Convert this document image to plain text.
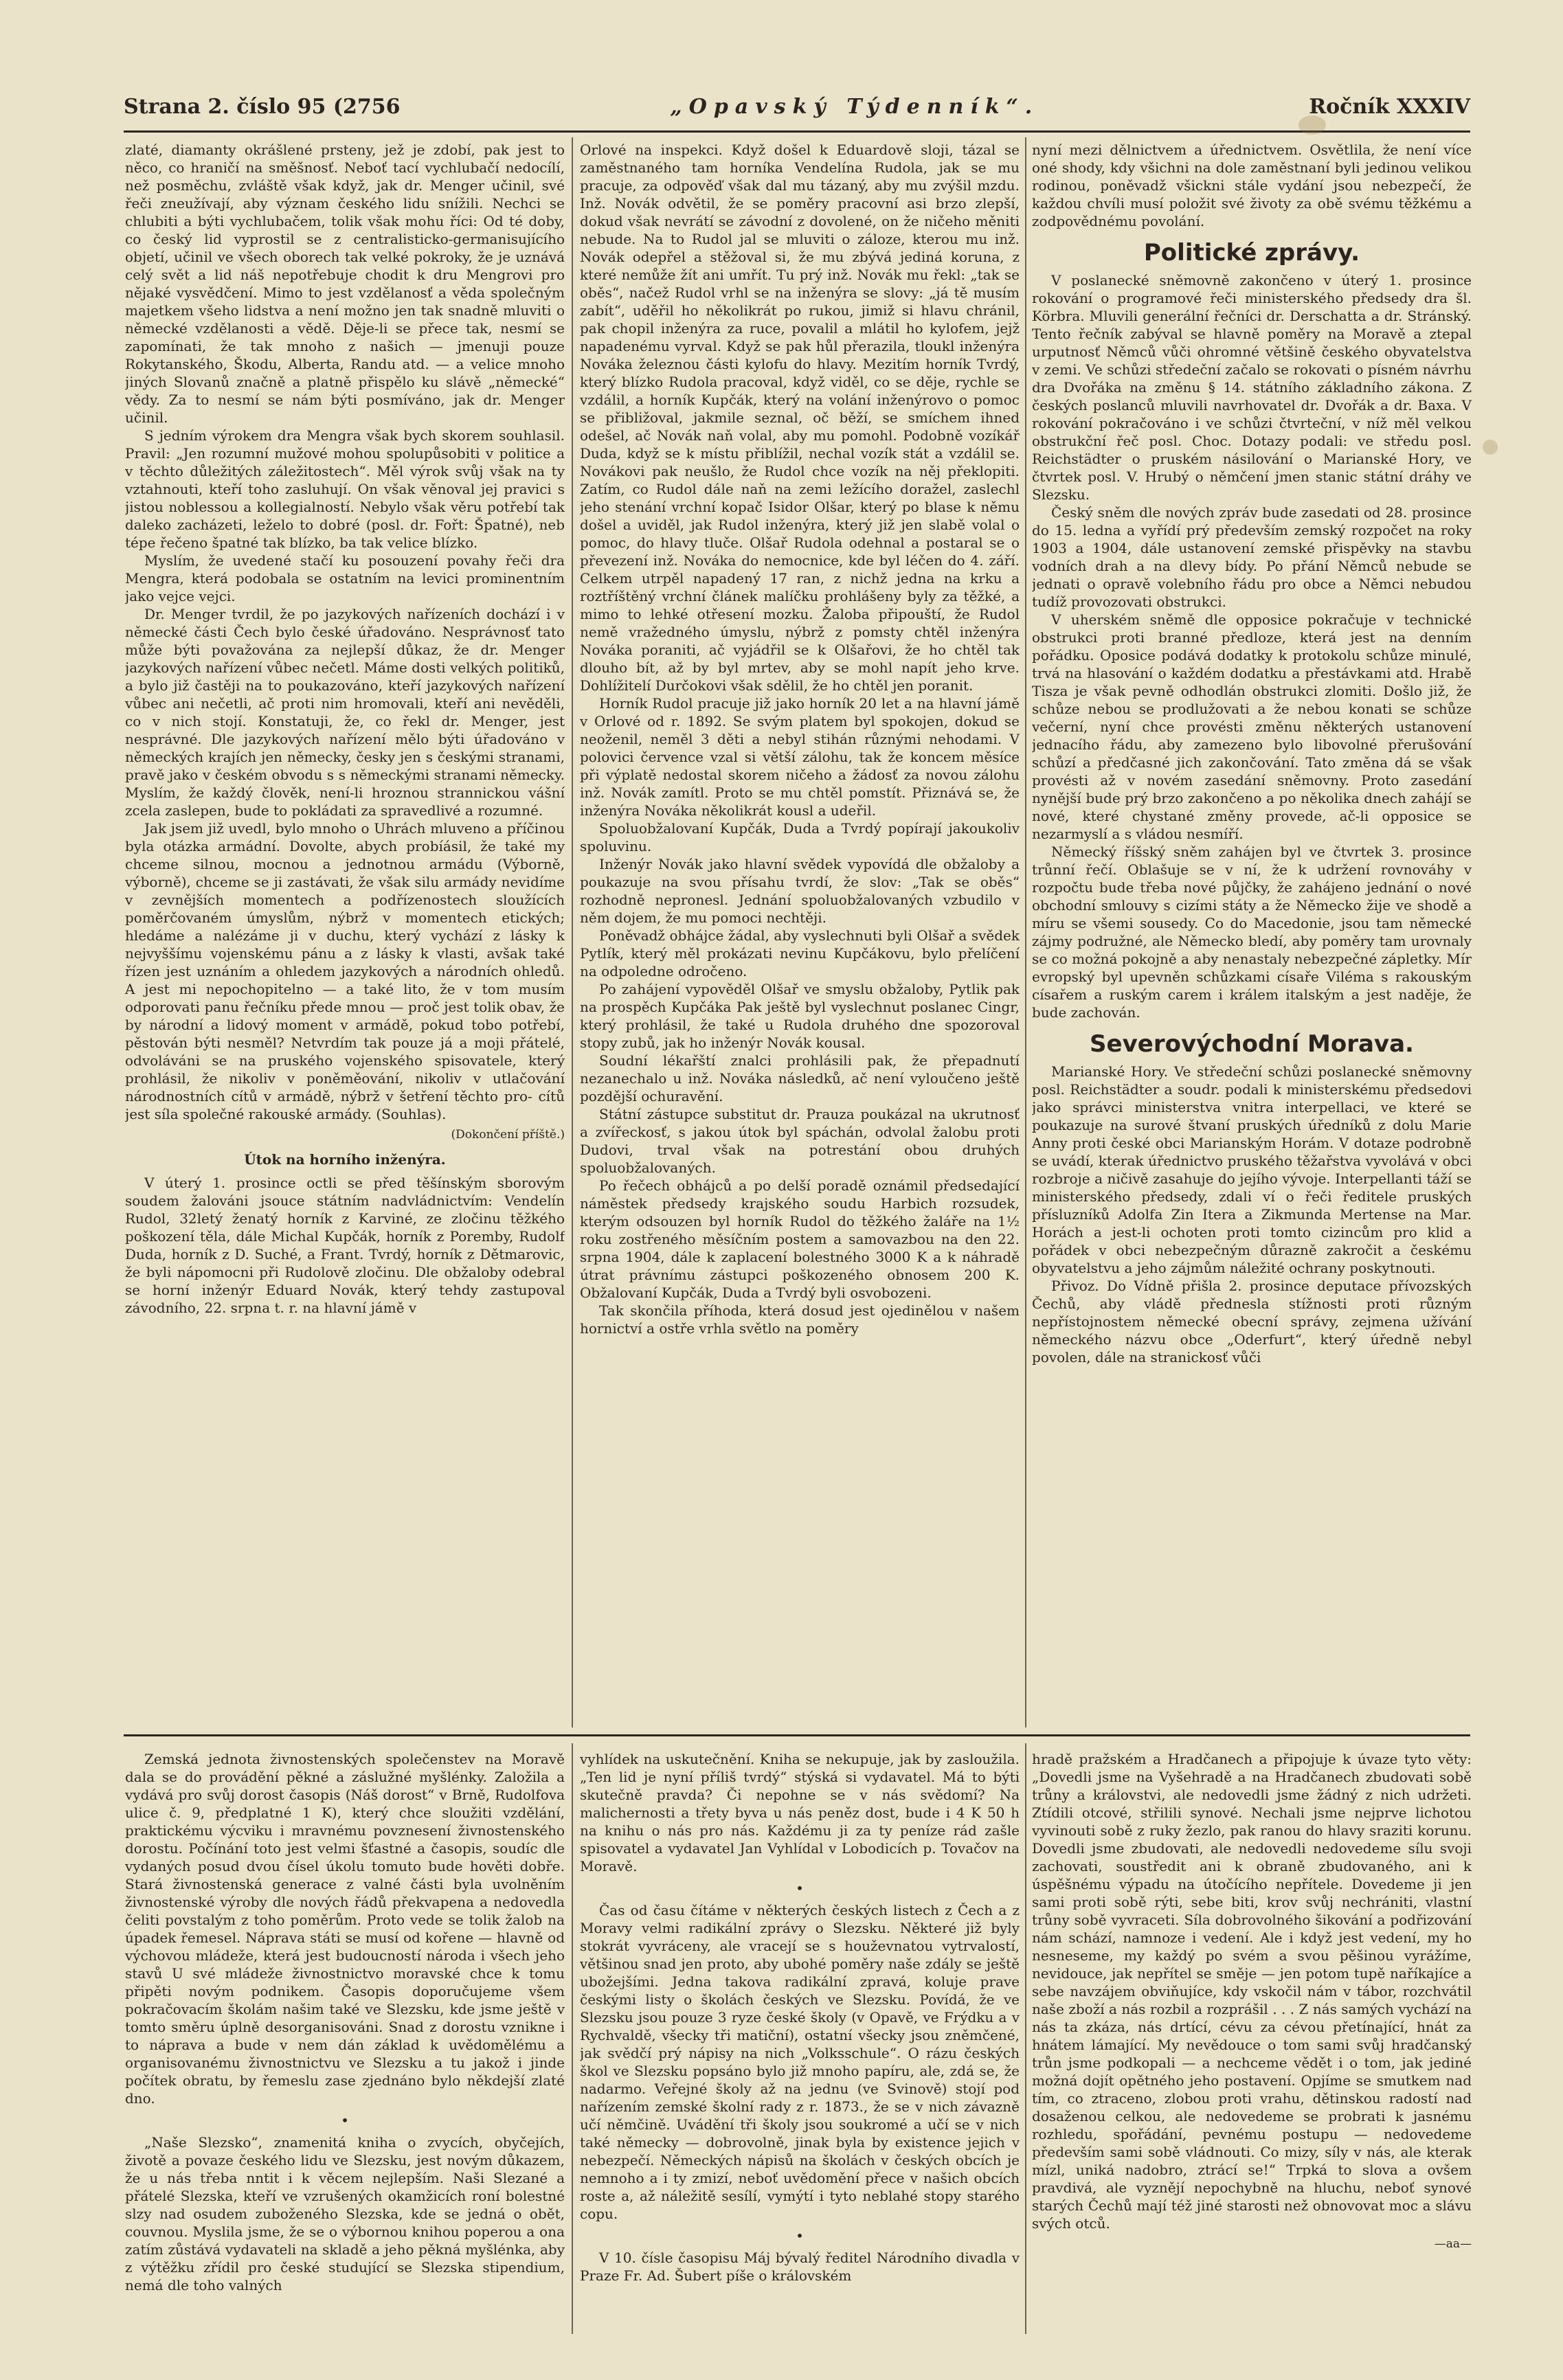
Strana 2. číslo 95 (2756	„Opavský Týdenník“.	Ročník XXXIV

zlaté, diamanty okrášlené prsteny, jež je zdobí, pak jest to něco, co hraničí na směšnosť. Neboť tací vychlubačí nedocílí, než posměchu, zvláště však když, jak dr. Menger učinil, své řeči zneužívají, aby význam českého lidu snížili. Nechci se chlubiti a býti vychlubačem, tolik však mohu říci: Od té doby, co český lid vyprostil se z centralisticko-germanisujícího objetí, učinil ve všech oborech tak velké pokroky, že je uznává celý svět a lid náš nepotřebuje chodit k dru Mengrovi pro nějaké vysvědčení. Mimo to jest vzdělanosť a věda společným majetkem všeho lidstva a není možno jen tak snadně mluviti o německé vzdělanosti a vědě. Děje-li se přece tak, nesmí se zapomínati, že tak mnoho z našich — jmenuji pouze Rokytanského, Škodu, Alberta, Randu atd. — a velice mnoho jiných Slovanů značně a platně přispělo ku slávě „německé“ vědy. Za to nesmí se nám býti posmíváno, jak dr. Menger učinil.

S jedním výrokem dra Mengra však bych skorem souhlasil. Pravil: „Jen rozumní mužové mohou spolupůsobiti v politice a v těchto důležitých záležitostech“. Měl výrok svůj však na ty vztahnouti, kteří toho zasluhují. On však věnoval jej pravici s jistou noblessou a kollegialností. Nebylo však věru potřebí tak daleko zacházeti, leželo to dobré (posl. dr. Fořt: Špatné), neb tépe řečeno špatné tak blízko, ba tak velice blízko.

Myslím, že uvedené stačí ku posouzení povahy řeči dra Mengra, která podobala se ostatním na levici prominentním jako vejce vejci.

Dr. Menger tvrdil, že po jazykových nařízeních dochází i v německé části Čech bylo české úřadováno. Nesprávnosť tato může býti považována za nejlepší důkaz, že dr. Menger jazykových nařízení vůbec nečetl. Máme dosti velkých politiků, a bylo již častěji na to poukazováno, kteří jazykových nařízení vůbec ani nečetli, ač proti nim hromovali, kteří ani nevěděli, co v nich stojí. Konstatuji, že, co řekl dr. Menger, jest nesprávné. Dle jazykových nařízení mělo býti úřadováno v německých krajích jen německy, česky jen s českými stranami, pravě jako v českém obvodu s s německými stranami německy. Myslím, že každý člověk, není-li hroznou strannickou vášní zcela zaslepen, bude to pokládati za spravedlivé a rozumné.

Jak jsem již uvedl, bylo mnoho o Uhrách mluveno a příčinou byla otázka armádní. Dovolte, abych probíásil, že také my chceme silnou, mocnou a jednotnou armádu (Výborně, výborně), chceme se ji zastávati, že však silu armády nevidíme v zevnějších momentech a podřízenostech sloužících poměrčovaném úmyslům, nýbrž v momentech etických; hledáme a nalézáme ji v duchu, který vychází z lásky k nejvyššímu vojenskému pánu a z lásky k vlasti, avšak také řízen jest uznáním a ohledem jazykových a národních ohledů. A jest mi nepochopitelno — a také lito, že v tom musím odporovati panu řečníku přede mnou — proč jest tolik obav, že by národní a lidový moment v armádě, pokud tobo potřebí, pěstován býti nesměl? Netvrdím tak pouze já a moji přátelé, odvoláváni se na pruského vojenského spisovatele, který prohlásil, že nikoliv v poněměování, nikoliv v utlačování národnostních cítů v armádě, nýbrž v šetření těchto pro- cítů jest síla společné rakouské armády. (Souhlas).

(Dokončení příště.)
Útok na horního inženýra.

V úterý 1. prosince octli se před těšínským sborovým soudem žalováni jsouce státním nadvládnictvím: Vendelín Rudol, 32letý ženatý horník z Karviné, ze zločinu těžkého poškození těla, dále Michal Kupčák, horník z Poremby, Rudolf Duda, horník z D. Suché, a Frant. Tvrdý, horník z Dětmarovic, že byli nápomocni při Rudolově zločinu. Dle obžaloby odebral se horní inženýr Eduard Novák, který tehdy zastupoval závodního, 22. srpna t. r. na hlavní jámě v

Orlové na inspekci. Když došel k Eduardově sloji, tázal se zaměstnaného tam horníka Vendelína Rudola, jak se mu pracuje, za odpověď však dal mu tázaný, aby mu zvýšil mzdu. Inž. Novák odvětil, že se poměry pracovní asi brzo zlepší, dokud však nevrátí se závodní z dovolené, on že ničeho měniti nebude. Na to Rudol jal se mluviti o záloze, kterou mu inž. Novák odepřel a stěžoval si, že mu zbývá jediná koruna, z které nemůže žít ani umřít. Tu prý inž. Novák mu řekl: „tak se oběs“, načež Rudol vrhl se na inženýra se slovy: „já tě musím zabít“, uděřil ho několikrát po rukou, jimiž si hlavu chránil, pak chopil inženýra za ruce, povalil a mlátil ho kylofem, jejž napadenému vyrval. Když se pak hůl přerazila, tloukl inženýra Nováka železnou části kylofu do hlavy. Mezitím horník Tvrdý, který blízko Rudola pracoval, když viděl, co se děje, rychle se vzdálil, a horník Kupčák, který na volání inženýrovo o pomoc se přibližoval, jakmile seznal, oč běží, se smíchem ihned odešel, ač Novák naň volal, aby mu pomohl. Podobně vozíkář Duda, když se k místu přiblížil, nechal vozík stát a vzdálil se. Novákovi pak neušlo, že Rudol chce vozík na něj překlopiti. Zatím, co Rudol dále naň na zemi ležícího doražel, zaslechl jeho stenání vrchní kopač Isidor Olšar, který po blase k němu došel a uviděl, jak Rudol inženýra, který již jen slabě volal o pomoc, do hlavy tluče. Olšař Rudola odehnal a postaral se o převezení inž. Nováka do nemocnice, kde byl léčen do 4. září. Celkem utrpěl napadený 17 ran, z nichž jedna na krku a roztříštěný vrchní článek malíčku prohlášeny byly za těžké, a mimo to lehké otřesení mozku. Žaloba připouští, že Rudol nemě vražedného úmyslu, nýbrž z pomsty chtěl inženýra Nováka poraniti, ač vyjádřil se k Olšařovi, že ho chtěl tak dlouho bít, až by byl mrtev, aby se mohl napít jeho krve. Dohlížitelí Durčokovi však sdělil, že ho chtěl jen poranit.

Horník Rudol pracuje již jako horník 20 let a na hlavní jámě v Orlové od r. 1892. Se svým platem byl spokojen, dokud se neoženil, neměl 3 děti a nebyl stihán různými nehodami. V polovici července vzal si větší zálohu, tak že koncem měsíce při výplatě nedostal skorem ničeho a žádosť za novou zálohu inž. Novák zamítl. Proto se mu chtěl pomstít. Přiznává se, že inženýra Nováka několikrát kousl a udeřil.

Spoluobžalovaní Kupčák, Duda a Tvrdý popírají jakoukoliv spoluvinu.

Inženýr Novák jako hlavní svědek vypovídá dle obžaloby a poukazuje na svou přísahu tvrdí, že slov: „Tak se oběs“ rozhodně nepronesl. Jednání spoluobžalovaných vzbudilo v něm dojem, že mu pomoci nechtěji.

Poněvadž obhájce žádal, aby vyslechnuti byli Olšař a svědek Pytlík, který měl prokázati nevinu Kupčákovu, bylo přelíčení na odpoledne odročeno.

Po zahájení vypověděl Olšař ve smyslu obžaloby, Pytlik pak na prospěch Kupčáka Pak ještě byl vyslechnut poslanec Cingr, který prohlásil, že také u Rudola druhého dne spozoroval stopy zubů, jak ho inženýr Novák kousal.

Soudní lékařští znalci prohlásili pak, že přepadnutí nezanechalo u inž. Nováka následků, ač není vyloučeno ještě pozdější ochuravění.

Státní zástupce substitut dr. Prauza poukázal na ukrutnosť a zvířeckosť, s jakou útok byl spáchán, odvolal žalobu proti Dudovi, trval však na potrestání obou druhých spoluobžalovaných.

Po řečech obhájců a po delší poradě oznámil předsedající náměstek předsedy krajského soudu Harbich rozsudek, kterým odsouzen byl horník Rudol do těžkého žaláře na 1½ roku zostřeného měsíčním postem a samovazbou na den 22. srpna 1904, dále k zaplacení bolestného 3000 K a k náhradě útrat právnímu zástupci poškozeného obnosem 200 K. Obžalovaní Kupčák, Duda a Tvrdý byli osvobozeni.

Tak skončila příhoda, která dosud jest ojedinělou v našem hornictví a ostře vrhla světlo na poměry

nyní mezi dělnictvem a úřednictvem. Osvětlila, že není více oné shody, kdy všichni na dole zaměstnaní byli jedinou velikou rodinou, poněvadž všickni stále vydání jsou nebezpečí, že každou chvíli musí položit své životy za obě svému těžkému a zodpovědnému povolání.

Politické zprávy.

V poslanecké sněmovně zakončeno v úterý 1. prosince rokování o programové řeči ministerského předsedy dra šl. Körbra. Mluvili generální řečníci dr. Derschatta a dr. Stránský. Tento řečník zabýval se hlavně poměry na Moravě a ztepal urputnosť Němců vůči ohromné většině českého obyvatelstva v zemi. Ve schůzi středeční začalo se rokovati o písném návrhu dra Dvořáka na změnu § 14. státního základního zákona. Z českých poslanců mluvili navrhovatel dr. Dvořák a dr. Baxa. V rokování pokračováno i ve schůzi čtvrteční, v níž měl velkou obstrukční řeč posl. Choc. Dotazy podali: ve středu posl. Reichstädter o pruském násilování o Marianské Hory, ve čtvrtek posl. V. Hrubý o němčení jmen stanic státní dráhy ve Slezsku.

Český sněm dle nových zpráv bude zasedati od 28. prosince do 15. ledna a vyřídí prý především zemský rozpočet na roky 1903 a 1904, dále ustanovení zemské přispěvky na stavbu vodních drah a na dlevy bídy. Po přání Němců nebude se jednati o opravě volebního řádu pro obce a Němci nebudou tudíž provozovati obstrukci.

V uherském sněmě dle opposice pokračuje v technické obstrukci proti branné předloze, která jest na denním pořádku. Oposice podává dodatky k protokolu schůze minulé, trvá na hlasování o každém dodatku a přestávkami atd. Hrabě Tisza je však pevně odhodlán obstrukci zlomiti. Došlo již, že schůze nebou se prodlužovati a že nebou konati se schůze večerní, nyní chce provésti změnu některých ustanovení jednacího řádu, aby zamezeno bylo libovolné přerušování schůzí a předčasné jich zakončování. Tato změna dá se však provésti až v novém zasedání sněmovny. Proto zasedání nynější bude prý brzo zakončeno a po několika dnech zahájí se nové, které chystané změny provede, ač-li opposice se nezarmyslí a s vládou nesmíří.

Německý říšský sněm zahájen byl ve čtvrtek 3. prosince trůnní řečí. Oblašuje se v ní, že k udržení rovnováhy v rozpočtu bude třeba nové půjčky, že zahájeno jednání o nové obchodní smlouvy s cizími státy a že Německo žije ve shodě a míru se všemi sousedy. Co do Macedonie, jsou tam německé zájmy podružné, ale Německo bledí, aby poměry tam urovnaly se co možná pokojně a aby nenastaly nebezpečné zápletky. Mír evropský byl upevněn schůzkami císaře Viléma s rakouským císařem a ruským carem i králem italským a jest naděje, že bude zachován.

Severovýchodní Morava.

Marianské Hory. Ve středeční schůzi poslanecké sněmovny posl. Reichstädter a soudr. podali k ministerskému předsedovi jako správci ministerstva vnitra interpellaci, ve které se poukazuje na surové štvaní pruských úředníků z dolu Marie Anny proti české obci Marianským Horám. V dotaze podrobně se uvádí, kterak úřednictvo pruského těžařstva vyvolává v obci rozbroje a ničivě zasahuje do jejího vývoje. Interpellanti táží se ministerského předsedy, zdali ví o řeči ředitele pruských přísluzníků Adolfa Zin Itera a Zikmunda Mertense na Mar. Horách a jest-li ochoten proti tomto cizincům pro klid a pořádek v obci nebezpečným důrazně zakročit a českému obyvatelstvu a jeho zájmům náležité ochrany poskytnouti.

Přivoz. Do Vídně přišla 2. prosince deputace přívozských Čechů, aby vládě přednesla stížnosti proti různým nepřístojnostem německé obecní správy, zejmena užívání německého názvu obce „Oderfurt“, který úředně nebyl povolen, dále na stranickosť vůči

Zemská jednota živnostenských společenstev na Moravě dala se do provádění pěkné a záslužné myšlénky. Založila a vydává pro svůj dorost časopis (Náš dorost“ v Brně, Rudolfova ulice č. 9, předplatné 1 K), který chce sloužiti vzdělání, praktickému výcviku i mravnému povznesení živnostenského dorostu. Počínání toto jest velmi šťastné a časopis, soudíc dle vydaných posud dvou čísel úkolu tomuto bude hověti dobře. Stará živnostenská generace z valné části byla uvolněním živnostenské výroby dle nových řádů překvapena a nedovedla čeliti povstalým z toho poměrům. Proto vede se tolik žalob na úpadek řemesel. Náprava státi se musí od kořene — hlavně od výchovou mládeže, která jest budoucností národa i všech jeho stavů U své mládeže živnostnictvo moravské chce k tomu připěti novým podnikem. Časopis doporučujeme všem pokračovacím školám našim také ve Slezsku, kde jsme ještě v tomto směru úplně desorganisováni. Snad z dorostu vznikne i to náprava a bude v nem dán základ k uvědomělému a organisovanému živnostnictvu ve Slezsku a tu jakož i jinde počítek obratu, by řemeslu zase zjednáno bylo někdejší zlaté dno.

•

„Naše Slezsko“, znamenitá kniha o zvycích, obyčejích, životě a povaze českého lidu ve Slezsku, jest novým důkazem, že u nás třeba nntit i k věcem nejlepším. Naši Slezané a přátelé Slezska, kteří ve vzrušených okamžicích roní bolestné slzy nad osudem zuboženého Slezska, kde se jedná o obět, couvnou. Myslila jsme, že se o výbornou knihou poperou a ona zatím zůstává vydavateli na skladě a jeho pěkná myšlénka, aby z výtěžku zřídil pro české studující se Slezska stipendium, nemá dle toho valných

vyhlídek na uskutečnění. Kniha se nekupuje, jak by zasloužila. „Ten lid je nyní příliš tvrdý“ stýská si vydavatel. Má to býti skutečně pravda? Či nepohne se v nás svědomí? Na malichernosti a třety byva u nás peněz dost, bude i 4 K 50 h na knihu o nás pro nás. Každému ji za ty peníze rád zašle spisovatel a vydavatel Jan Vyhlídal v Lobodicích p. Tovačov na Moravě.

•

Čas od času čítáme v některých českých listech z Čech a z Moravy velmi radikální zprávy o Slezsku. Některé již byly stokrát vyvráceny, ale vracejí se s houževnatou vytrvalostí, většinou snad jen proto, aby ubohé poměry naše zdály se ještě ubožejšími. Jedna takova radikální zpravá, koluje prave českými listy o školách českých ve Slezsku. Povídá, že ve Slezsku jsou pouze 3 ryze české školy (v Opavě, ve Frýdku a v Rychvaldě, všecky tři matiční), ostatní všecky jsou zněmčené, jak svědčí prý nápisy na nich „Volksschule“. O rázu českých škol ve Slezsku popsáno bylo již mnoho papíru, ale, zdá se, že nadarmo. Veřejné školy až na jednu (ve Svinově) stojí pod nařízením zemské školní rady z r. 1873., že se v nich závazně učí němčině. Uvádění tři školy jsou soukromé a učí se v nich také německy — dobrovolně, jinak byla by existence jejich v nebezpečí. Německých nápisů na školách v českých obcích je nemnoho a i ty zmizí, neboť uvědomění přece v našich obcích roste a, až náležitě sesílí, vymýtí i tyto neblahé stopy starého copu.

•

V 10. čísle časopisu Máj bývalý ředitel Národního divadla v Praze Fr. Ad. Šubert píše o královském

hradě pražském a Hradčanech a připojuje k úvaze tyto věty: „Dovedli jsme na Vyšehradě a na Hradčanech zbudovati sobě trůny a královstvi, ale nedovedli jsme žádný z nich udržeti. Ztídili otcové, střilili synové. Nechali jsme nejprve lichotou vyvinouti sobě z ruky žezlo, pak ranou do hlavy sraziti korunu. Dovedli jsme zbudovati, ale nedovedli nedovedeme sílu svoji zachovati, soustředit ani k obraně zbudovaného, ani k úspěšnému výpadu na útočícího nepřítele. Dovedeme ji jen sami proti sobě rýti, sebe biti, krov svůj nechrániti, vlastní trůny sobě vyvraceti. Síla dobrovolného šikování a podřizování nám schází, namnoze i vedení. Ale i když jest vedení, my ho nesneseme, my každý po svém a svou pěšinou vyrážíme, nevidouce, jak nepřítel se směje — jen potom tupě naříkajíce a sebe navzájem obviňujíce, kdy vskočil nám v tábor, rozchvátil naše zboží a nás rozbil a rozprášil . . . Z nás samých vychází na nás ta zkáza, nás drtící, cévu za cévou přetínající, hnát za hnátem lámající. My nevědouce o tom sami svůj hradčanský trůn jsme podkopali — a nechceme vědět i o tom, jak jediné možná dojít opětného jeho postavení. Opjíme se smutkem nad tím, co ztraceno, zlobou proti vrahu, dětinskou radostí nad dosaženou celkou, ale nedovedeme se probrati k jasnému rozhledu, spořádání, pevnému postupu — nedovedeme především sami sobě vládnouti. Co mizy, síly v nás, ale kterak mízl, uniká nadobro, ztrácí se!“ Trpká to slova a ovšem pravdivá, ale vyznějí nepochybně na hluchu, neboť synové starých Čechů mají též jiné starosti než obnovovat moc a slávu svých otců.

—aa—
